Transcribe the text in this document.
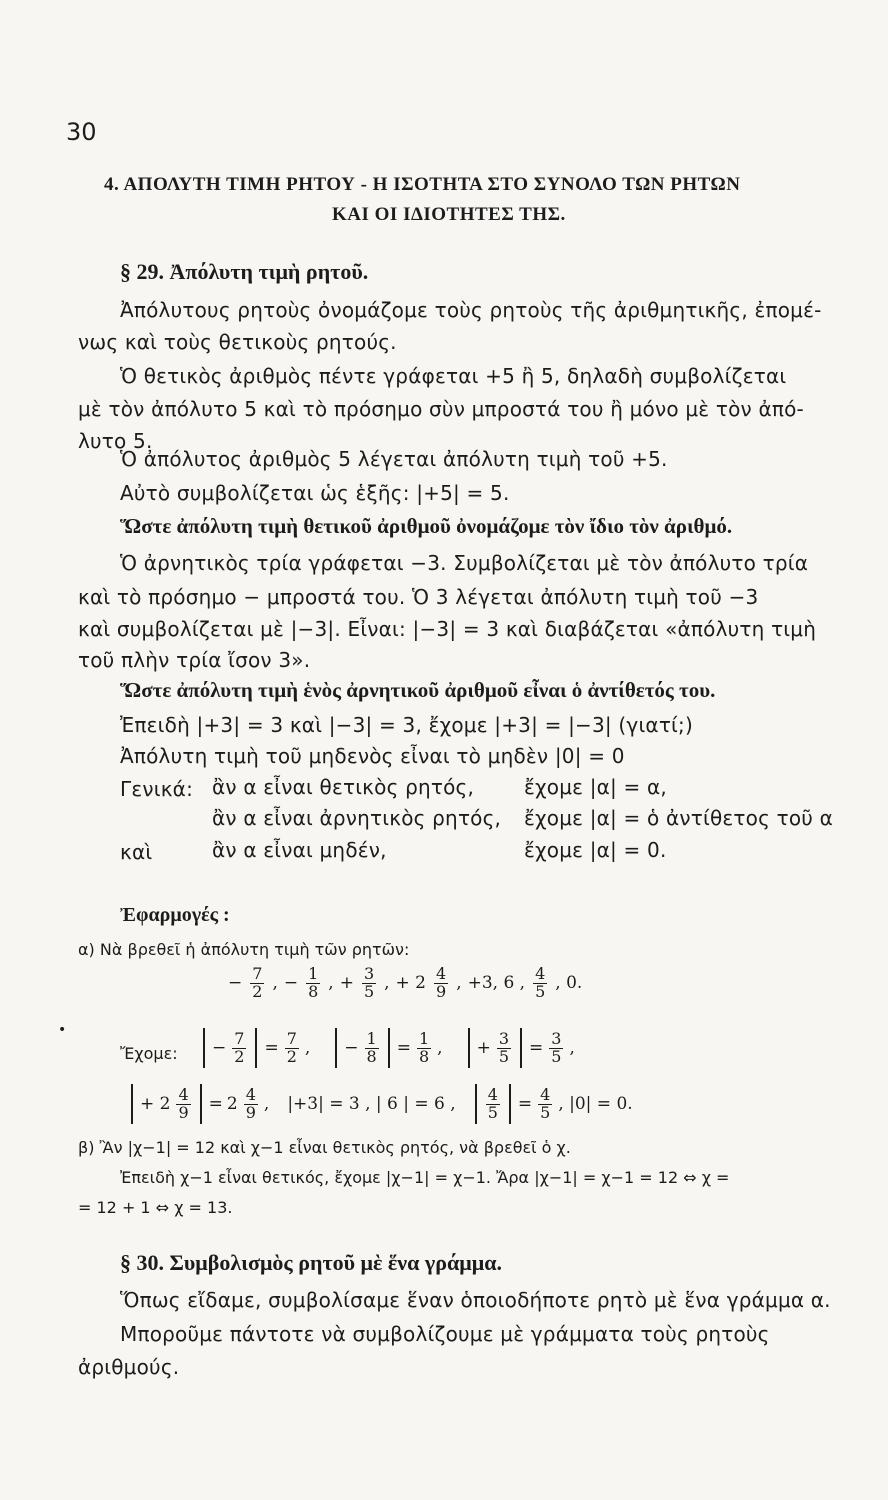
30
4. ΑΠΟΛΥΤΗ ΤΙΜΗ ΡΗΤΟΥ - Η ΙΣΟΤΗΤΑ ΣΤΟ ΣΥΝΟΛΟ ΤΩΝ ΡΗΤΩΝ
ΚΑΙ ΟΙ ΙΔΙΟΤΗΤΕΣ ΤΗΣ.
§ 29. Ἀπόλυτη τιμὴ ρητοῦ.
Ἀπόλυτους ρητοὺς ὀνομάζομε τοὺς ρητοὺς τῆς ἀριθμητικῆς, ἐπομέ-
νως καὶ τοὺς θετικοὺς ρητούς.
Ὁ θετικὸς ἀριθμὸς πέντε γράφεται +5 ἢ 5, δηλαδὴ συμβολίζεται
μὲ τὸν ἀπόλυτο 5 καὶ τὸ πρόσημο σὺν μπροστά του ἢ μόνο μὲ τὸν ἀπό-
λυτο 5.
Ὁ ἀπόλυτος ἀριθμὸς 5 λέγεται ἀπόλυτη τιμὴ τοῦ +5.
Αὐτὸ συμβολίζεται ὡς ἑξῆς: |+5| = 5.
Ὥστε ἀπόλυτη τιμὴ θετικοῦ ἀριθμοῦ ὀνομάζομε τὸν ἴδιο τὸν ἀριθμό.
Ὁ ἀρνητικὸς τρία γράφεται −3. Συμβολίζεται μὲ τὸν ἀπόλυτο τρία
καὶ τὸ πρόσημο − μπροστά του. Ὁ 3 λέγεται ἀπόλυτη τιμὴ τοῦ −3
καὶ συμβολίζεται μὲ |−3|. Εἶναι: |−3| = 3 καὶ διαβάζεται «ἀπόλυτη τιμὴ
τοῦ πλὴν τρία ἴσον 3».
Ὥστε ἀπόλυτη τιμὴ ἑνὸς ἀρνητικοῦ ἀριθμοῦ εἶναι ὁ ἀντίθετός του.
Ἐπειδὴ |+3| = 3 καὶ |−3| = 3, ἔχομε |+3| = |−3| (γιατί;)
Ἀπόλυτη τιμὴ τοῦ μηδενὸς εἶναι τὸ μηδὲν |0| = 0
Γενικά: ἂν α εἶναι θετικὸς ρητός, ἔχομε |α| = α,
ἂν α εἶναι ἀρνητικὸς ρητός, ἔχομε |α| = ὁ ἀντίθετος τοῦ α
καὶ	ἂν α εἶναι μηδέν,	ἔχομε |α| = 0.
Ἐφαρμογές :
α) Νὰ βρεθεῖ ἡ ἀπόλυτη τιμὴ τῶν ρητῶν:
− $\frac{7}{2}$ , − $\frac{1}{8}$ , + $\frac{3}{5}$ , + $2 \frac{4}{9}$ , +3, 6 , $\frac{4}{5}$ , 0.
•
Ἔχομε: − $\frac{7}{2} = \frac{7}{2}$ , − $\frac{1}{8} = \frac{1}{8}$ , + $\frac{3}{5} = \frac{3}{5}$ ,
+ $2 \frac{4}{9} = 2 \frac{4}{9}$ , |+3| = 3 , | 6 | = 6 , $\frac{4}{5} = \frac{4}{5}$ , |0| = 0.
β) Ἂν |χ−1| = 12 καὶ χ−1 εἶναι θετικὸς ρητός, νὰ βρεθεῖ ὁ χ.
Ἐπειδὴ χ−1 εἶναι θετικός, ἔχομε |χ−1| = χ−1. Ἄρα |χ−1| = χ−1 = 12 ⇔ χ =
= 12 + 1 ⇔ χ = 13.
§ 30. Συμβολισμὸς ρητοῦ μὲ ἕνα γράμμα.
Ὅπως εἴδαμε, συμβολίσαμε ἕναν ὁποιοδήποτε ρητὸ μὲ ἕνα γράμμα α.
Μποροῦμε πάντοτε νὰ συμβολίζουμε μὲ γράμματα τοὺς ρητοὺς
ἀριθμούς.
